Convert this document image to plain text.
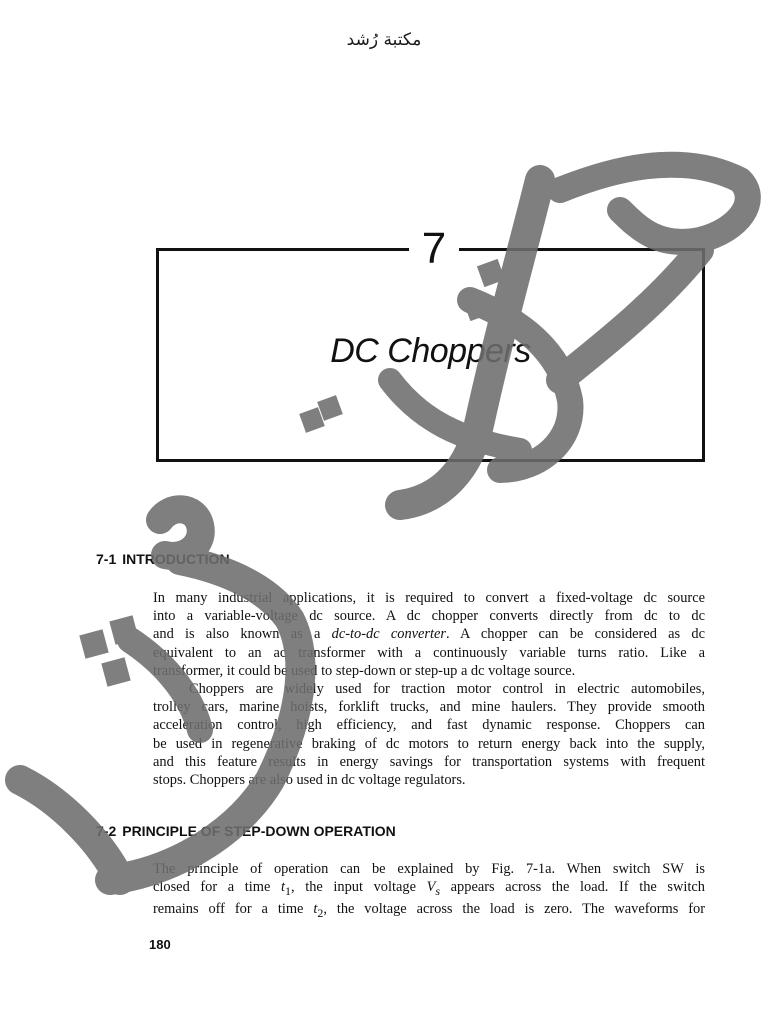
مكتبة رُشد
7
DC Choppers
7-1 INTRODUCTION
In many industrial applications, it is required to convert a fixed-voltage dc source
into a variable-voltage dc source. A dc chopper converts directly from dc to dc
and is also known as a dc-to-dc converter. A chopper can be considered as dc
equivalent to an ac transformer with a continuously variable turns ratio. Like a
transformer, it could be used to step-down or step-up a dc voltage source.
Choppers are widely used for traction motor control in electric automobiles,
trolley cars, marine hoists, forklift trucks, and mine haulers. They provide smooth
acceleration control, high efficiency, and fast dynamic response. Choppers can
be used in regenerative braking of dc motors to return energy back into the supply,
and this feature results in energy savings for transportation systems with frequent
stops. Choppers are also used in dc voltage regulators.
7-2 PRINCIPLE OF STEP-DOWN OPERATION
The principle of operation can be explained by Fig. 7-1a. When switch SW is
closed for a time $t_1$, the input voltage $V_s$ appears across the load. If the switch
remains off for a time $t_2$, the voltage across the load is zero. The waveforms for
180
